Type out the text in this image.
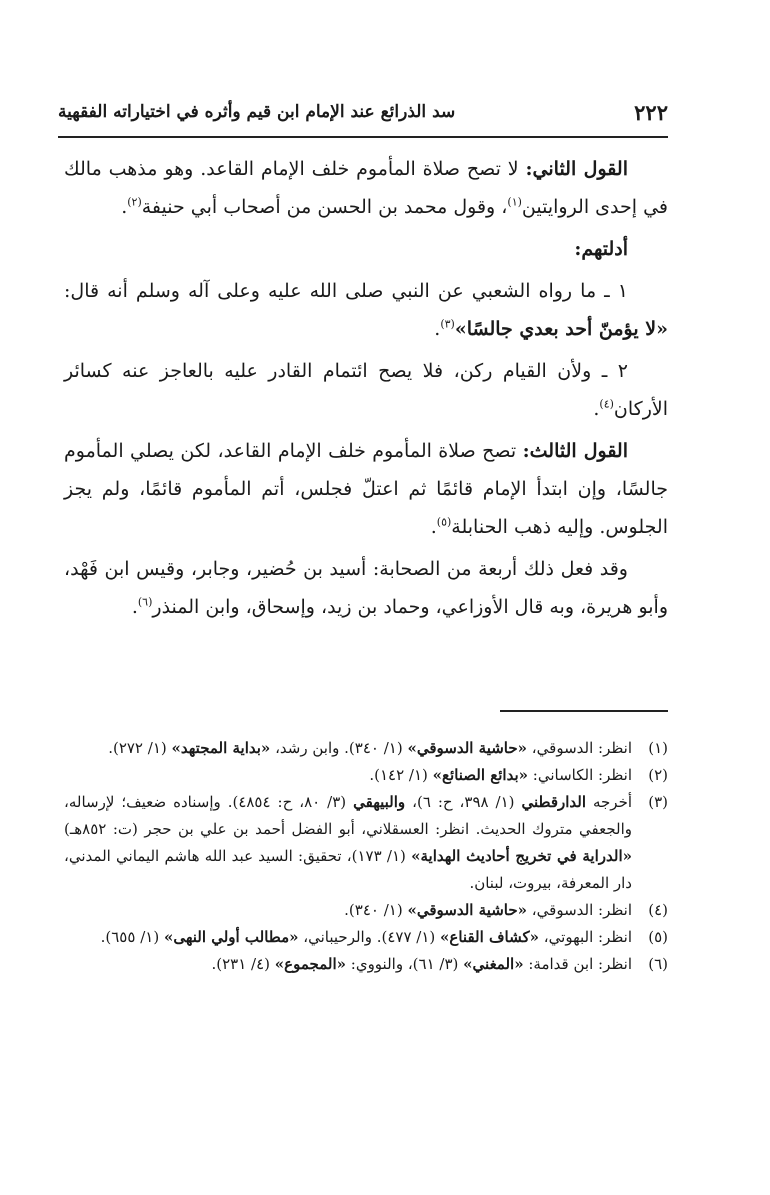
٢٢٢
سد الذرائع عند الإمام ابن قيم وأثره في اختياراته الفقهية

القول الثاني: لا تصح صلاة المأموم خلف الإمام القاعد. وهو مذهب مالك في إحدى الروايتين$^{(١)}$، وقول محمد بن الحسن من أصحاب أبي حنيفة$^{(٢)}$.

أدلتهم:

١ ـ ما رواه الشعبي عن النبي صلى الله عليه وعلى آله وسلم أنه قال: «لا يؤمنّ أحد بعدي جالسًا»$^{(٣)}$.

٢ ـ ولأن القيام ركن، فلا يصح ائتمام القادر عليه بالعاجز عنه كسائر الأركان$^{(٤)}$.

القول الثالث: تصح صلاة المأموم خلف الإمام القاعد، لكن يصلي المأموم جالسًا، وإن ابتدأ الإمام قائمًا ثم اعتلّ فجلس، أتم المأموم قائمًا، ولم يجز الجلوس. وإليه ذهب الحنابلة$^{(٥)}$.

وقد فعل ذلك أربعة من الصحابة: أسيد بن حُضير، وجابر، وقيس ابن فَهْد، وأبو هريرة، وبه قال الأوزاعي، وحماد بن زيد، وإسحاق، وابن المنذر$^{(٦)}$.

(١)
انظر: الدسوقي، «حاشية الدسوقي» (١/ ٣٤٠). وابن رشد، «بداية المجتهد» (١/ ٢٧٢).
(٢)
انظر: الكاساني: «بدائع الصنائع» (١/ ١٤٢).
(٣)
أخرجه الدارقطني (١/ ٣٩٨، ح: ٦)، والبيهقي (٣/ ٨٠، ح: ٤٨٥٤). وإسناده ضعيف؛ لإرساله، والجعفي متروك الحديث. انظر: العسقلاني، أبو الفضل أحمد بن علي بن حجر (ت: ٨٥٢هـ) «الدراية في تخريج أحاديث الهداية» (١/ ١٧٣)، تحقيق: السيد عبد الله هاشم اليماني المدني، دار المعرفة، بيروت، لبنان.
(٤)
انظر: الدسوقي، «حاشية الدسوقي» (١/ ٣٤٠).
(٥)
انظر: البهوتي، «كشاف القناع» (١/ ٤٧٧). والرحيباني، «مطالب أولي النهى» (١/ ٦٥٥).
(٦)
انظر: ابن قدامة: «المغني» (٣/ ٦١)، والنووي: «المجموع» (٤/ ٢٣١).
